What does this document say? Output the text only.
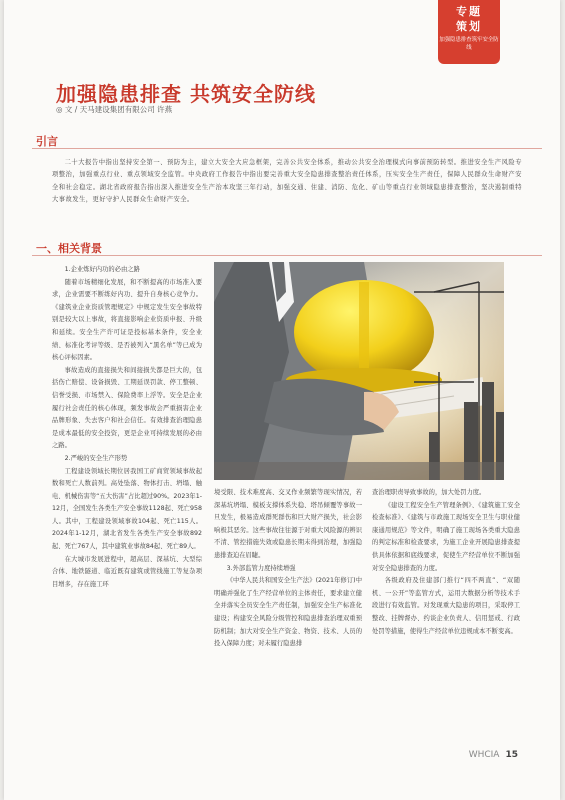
专题
策划
加强隐患排查筑牢安全防线
加强隐患排查 共筑安全防线
◎ 文 / 天马建设集团有限公司 许燕
引言
二十大报告中指出坚持安全第一、预防为主，建立大安全大应急框架，完善公共安全体系，推动公共安全治理模式向事前预防转型。推进安全生产风险专项整治，加强重点行业、重点领域安全监管。中央政府工作报告中指出要完善重大安全隐患排查整治责任体系，压实安全生产责任，保障人民群众生命财产安全和社会稳定。湖北省政府报告指出深入推进安全生产治本攻坚三年行动，加强交通、住建、消防、危化、矿山等重点行业领域隐患排查整治，坚决遏制重特大事故发生，更好守护人民群众生命财产安全。
一、相关背景

1.企业炼好内功的必由之路

随着市场精细化发展，和不断提高的市场准入要求，企业需要不断练好内功、提升自身核心竞争力。《建筑业企业资质管理规定》中规定发生安全事故特别是较大以上事故，将直接影响企业资质申报、升级和延续。安全生产许可证是投标基本条件，安全业绩、标准化考评等级、是否被列入“黑名单”等已成为核心评标因素。

事故造成的直接损失和间接损失都是巨大的，包括伤亡赔偿、设备损毁、工期延误罚款、停工整顿、信誉受损、市场禁入、保险费率上浮等。安全是企业履行社会责任的核心体现，频发事故会严重损害企业品牌形象、失去客户和社会信任。有效排查治理隐患是成本最低的安全投资，更是企业可持续发展的必由之路。

2.严峻的安全生产形势

工程建设领域长期位居我国工矿商贸领域事故起数和死亡人数前列。高处坠落、物体打击、坍塌、触电、机械伤害等“五大伤害”占比超过90%。2023年1-12月，全国发生各类生产安全事故1128起、死亡958人。其中，工程建设领域事故104起、死亡115人。2024年1-12月，湖北省发生各类生产安全事故892起、死亡767人，其中建筑业事故84起、死亡89人。

在大城市发展进程中，超高层、深基坑、大型综合体、地铁隧道、临近既有建筑或管线施工等复杂项目增多，存在施工环

境受限、技术难度高、交叉作业频繁等现实情况，若深基坑坍塌、模板支撑体系失稳、塔吊倾覆等事故一旦发生，极易造成群死群伤和巨大财产损失，社会影响极其恶劣。这些事故往往源于对重大风险源的辨识不清、管控措施失效或隐患长期未得到治理，加强隐患排查迫在眉睫。

3.外部监管力度持续增强

《中华人民共和国安全生产法》(2021年修订)中明确并强化了生产经营单位的主体责任，要求建立健全并落实全员安全生产责任制，加强安全生产标准化建设；构建安全风险分级管控和隐患排查治理双重预防机制；加大对安全生产资金、物资、技术、人员的投入保障力度；对未履行隐患排

查治理职责导致事故的，加大处罚力度。

《建设工程安全生产管理条例》、《建筑施工安全检查标准》、《建筑与市政施工现场安全卫生与职业健康通用规范》等文件，明确了施工现场各类重大隐患的判定标准和检查要求，为施工企业开展隐患排查提供具体依据和底线要求，促使生产经营单位不断加强对安全隐患排查的力度。

各级政府及住建部门推行“四不两直”、“双随机、一公开”等监管方式，运用大数据分析等技术手段进行有效监管。对发现重大隐患的项目，采取停工整改、挂牌督办、约谈企业负责人、信用惩戒、行政处罚等措施，使得生产经营单位违规成本不断变高。

WHCIA 15
